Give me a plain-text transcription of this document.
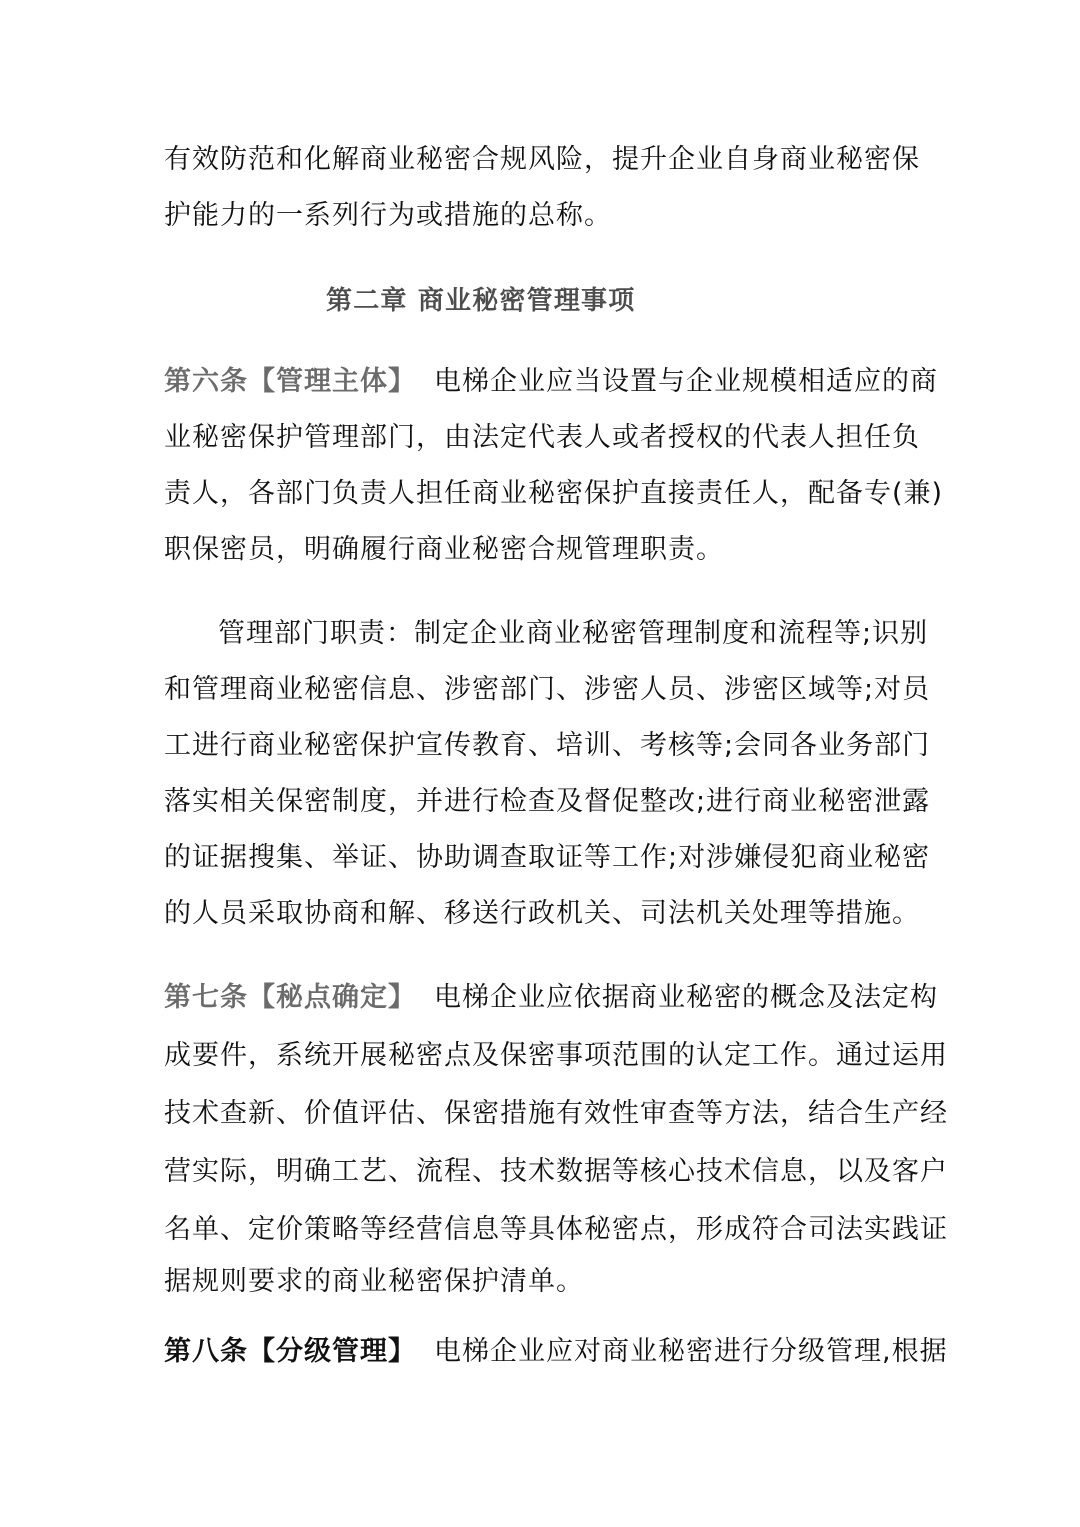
有效防范和化解商业秘密合规风险，提升企业自身商业秘密保
护能力的一系列行为或措施的总称。
第二章 商业秘密管理事项
第六条【管理主体】 电梯企业应当设置与企业规模相适应的商
业秘密保护管理部门，由法定代表人或者授权的代表人担任负
责人，各部门负责人担任商业秘密保护直接责任人，配备专(兼)
职保密员，明确履行商业秘密合规管理职责。
管理部门职责：制定企业商业秘密管理制度和流程等;识别
和管理商业秘密信息、涉密部门、涉密人员、涉密区域等;对员
工进行商业秘密保护宣传教育、培训、考核等;会同各业务部门
落实相关保密制度，并进行检查及督促整改;进行商业秘密泄露
的证据搜集、举证、协助调查取证等工作;对涉嫌侵犯商业秘密
的人员采取协商和解、移送行政机关、司法机关处理等措施。
第七条【秘点确定】 电梯企业应依据商业秘密的概念及法定构
成要件，系统开展秘密点及保密事项范围的认定工作。通过运用
技术查新、价值评估、保密措施有效性审查等方法，结合生产经
营实际，明确工艺、流程、技术数据等核心技术信息，以及客户
名单、定价策略等经营信息等具体秘密点，形成符合司法实践证
据规则要求的商业秘密保护清单。
第八条【分级管理】 电梯企业应对商业秘密进行分级管理,根据
